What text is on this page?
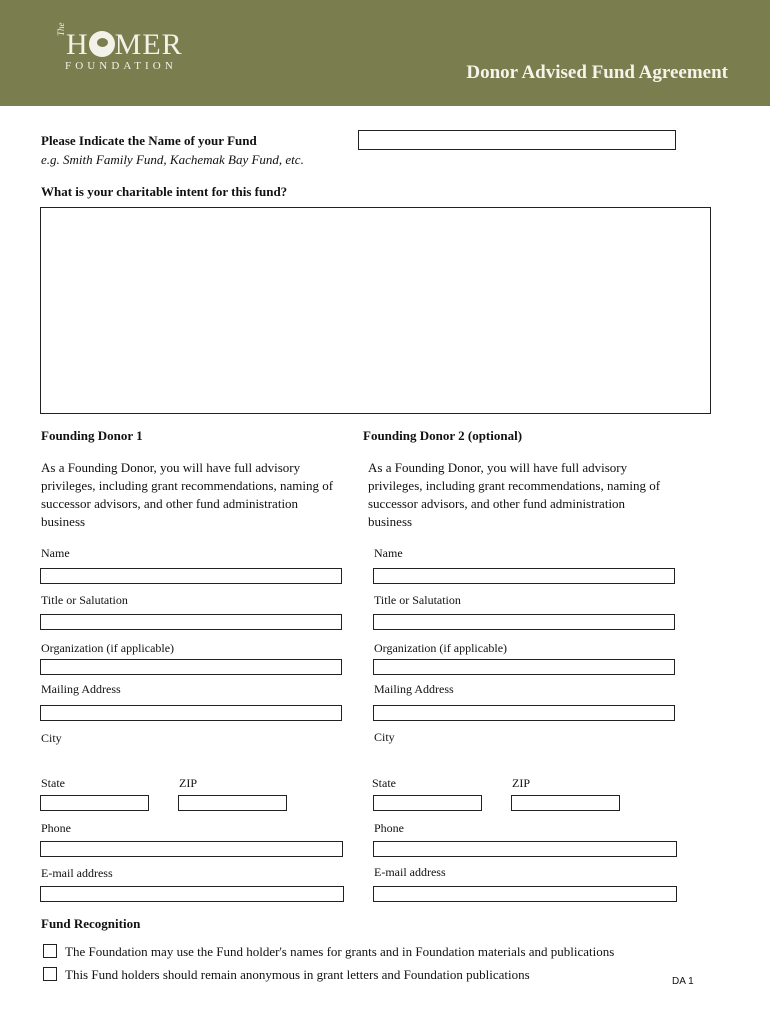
The H MER
FOUNDATION	Donor Advised Fund Agreement
Please Indicate the Name of your Fund
e.g. Smith Family Fund, Kachemak Bay Fund, etc.
What is your charitable intent for this fund?
Founding Donor 1
As a Founding Donor, you will have full advisory privileges, including grant recommendations, naming of successor advisors, and other fund administration business
Name
Title or Salutation
Organization (if applicable)
Mailing Address
City
State	ZIP
Phone
E-mail address
Founding Donor 2 (optional)
As a Founding Donor, you will have full advisory privileges, including grant recommendations, naming of successor advisors, and other fund administration business
Name
Title or Salutation
Organization (if applicable)
Mailing Address
City
State	ZIP
Phone
E-mail address
Fund Recognition
The Foundation may use the Fund holder's names for grants and in Foundation materials and publications
This Fund holders should remain anonymous in grant letters and Foundation publications	DA 1
